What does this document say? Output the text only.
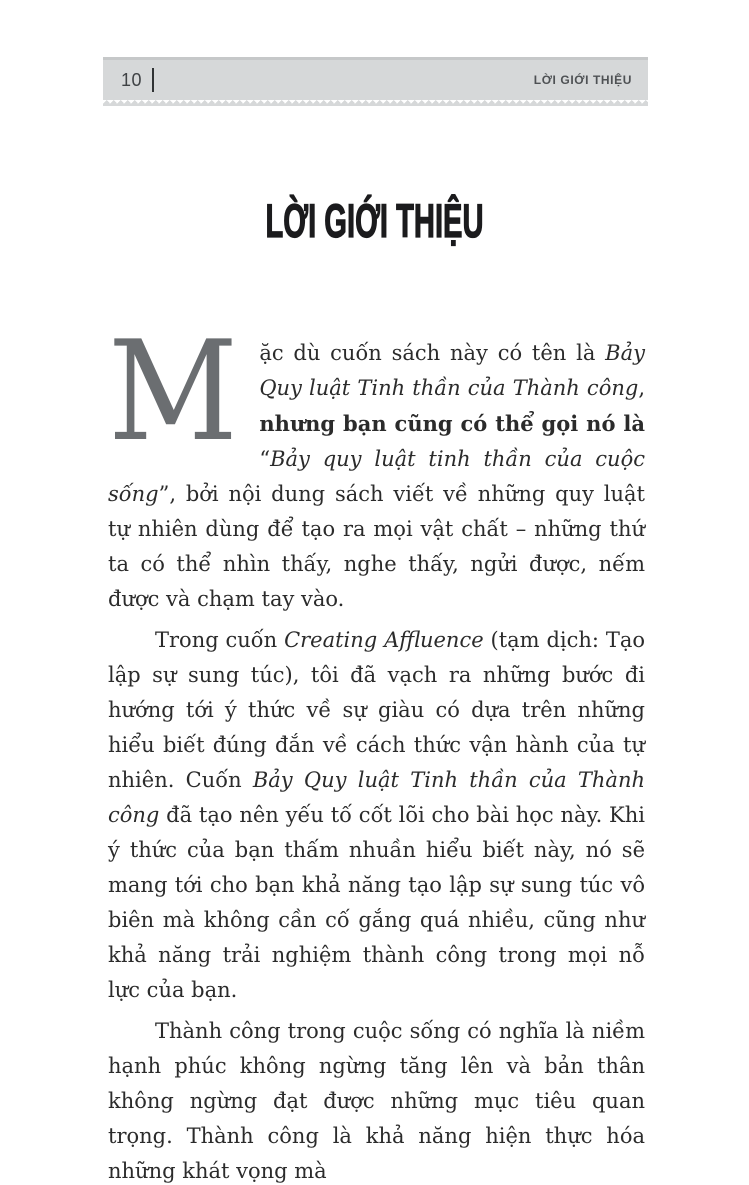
10	LỜI GIỚI THIỆU
LỜI GIỚI THIỆU

M ặc dù cuốn sách này có tên là Bảy Quy luật Tinh thần của Thành công, nhưng bạn cũng có thể gọi nó là “Bảy quy luật tinh thần của cuộc sống”, bởi nội dung sách viết về những quy luật tự nhiên dùng để tạo ra mọi vật chất – những thứ ta có thể nhìn thấy, nghe thấy, ngửi được, nếm được và chạm tay vào.

Trong cuốn Creating Affluence (tạm dịch: Tạo lập sự sung túc), tôi đã vạch ra những bước đi hướng tới ý thức về sự giàu có dựa trên những hiểu biết đúng đắn về cách thức vận hành của tự nhiên. Cuốn Bảy Quy luật Tinh thần của Thành công đã tạo nên yếu tố cốt lõi cho bài học này. Khi ý thức của bạn thấm nhuần hiểu biết này, nó sẽ mang tới cho bạn khả năng tạo lập sự sung túc vô biên mà không cần cố gắng quá nhiều, cũng như khả năng trải nghiệm thành công trong mọi nỗ lực của bạn.

Thành công trong cuộc sống có nghĩa là niềm hạnh phúc không ngừng tăng lên và bản thân không ngừng đạt được những mục tiêu quan trọng. Thành công là khả năng hiện thực hóa những khát vọng mà
